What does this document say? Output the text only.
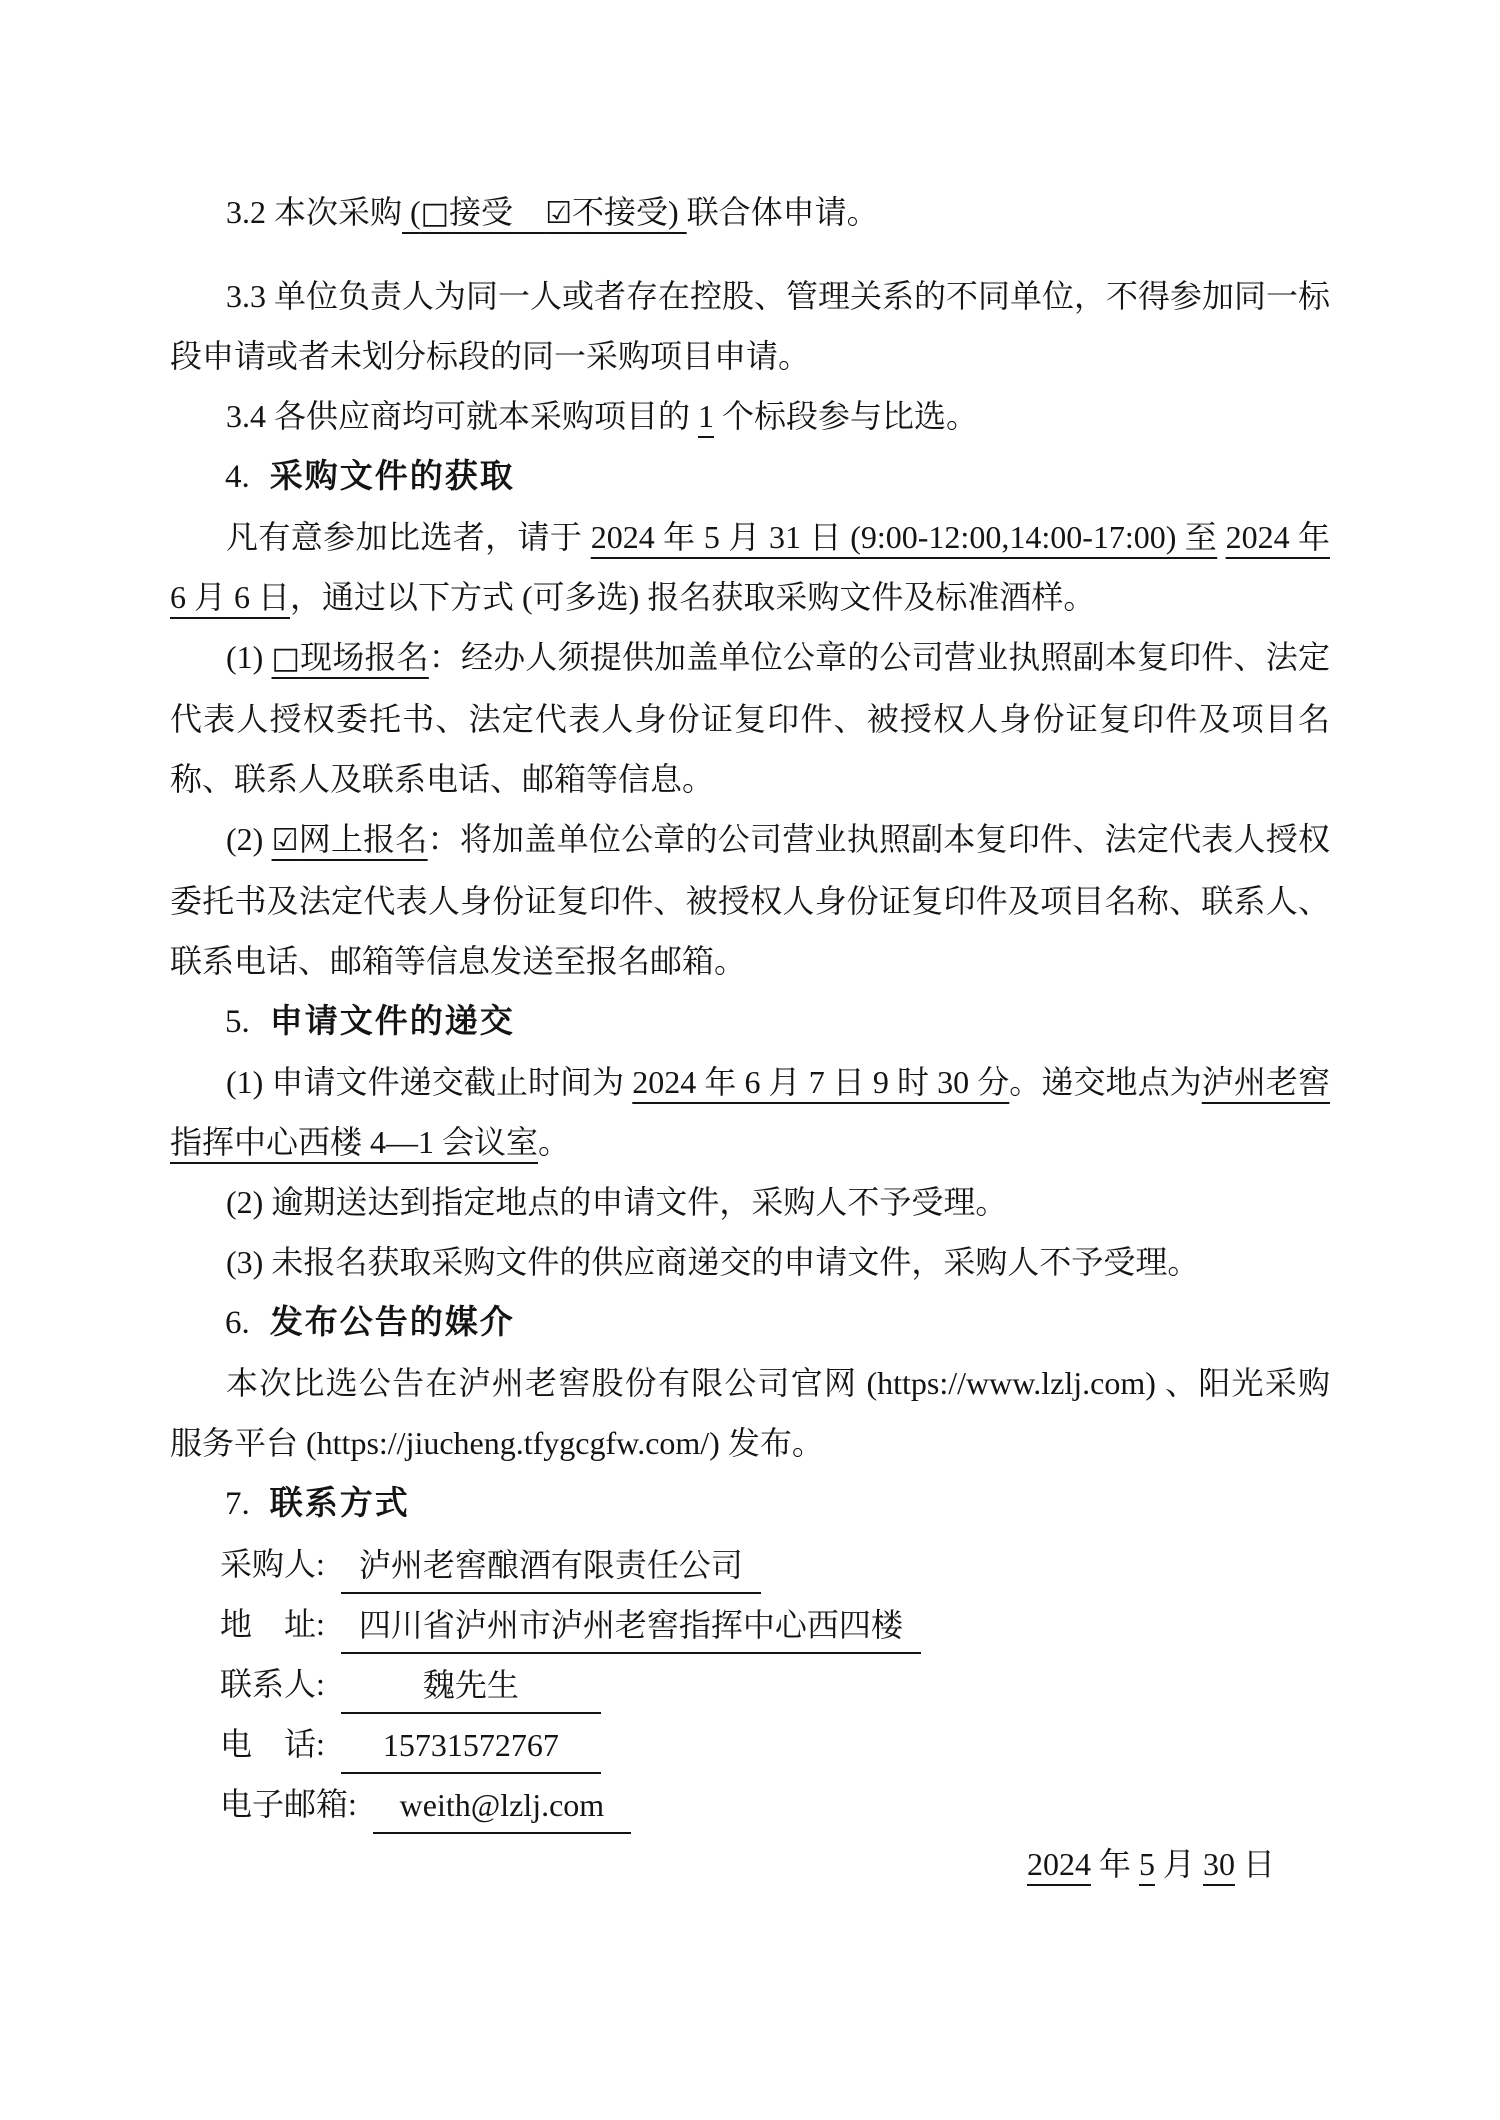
3.2 本次采购 (□接受　 ☑不接受) 联合体申请。

3.3 单位负责人为同一人或者存在控股、管理关系的不同单位，不得参加同一标段申请或者未划分标段的同一采购项目申请。

3.4 各供应商均可就本采购项目的 1 个标段参与比选。

4. 采购文件的获取

凡有意参加比选者，请于 2024 年 5 月 31 日 (9:00-12:00,14:00-17:00) 至 2024 年 6 月 6 日，通过以下方式 (可多选) 报名获取采购文件及标准酒样。

(1) □现场报名：经办人须提供加盖单位公章的公司营业执照副本复印件、法定代表人授权委托书、法定代表人身份证复印件、被授权人身份证复印件及项目名称、联系人及联系电话、邮箱等信息。

(2) ☑网上报名：将加盖单位公章的公司营业执照副本复印件、法定代表人授权委托书及法定代表人身份证复印件、被授权人身份证复印件及项目名称、联系人、联系电话、邮箱等信息发送至报名邮箱。

5. 申请文件的递交

(1) 申请文件递交截止时间为 2024 年 6 月 7 日 9 时 30 分。递交地点为泸州老窖指挥中心西楼 4—1 会议室。

(2) 逾期送达到指定地点的申请文件，采购人不予受理。

(3) 未报名获取采购文件的供应商递交的申请文件，采购人不予受理。

6. 发布公告的媒介

本次比选公告在泸州老窖股份有限公司官网 (https://www.lzlj.com) 、阳光采购服务平台 (https://jiucheng.tfygcgfw.com/) 发布。

7. 联系方式
采购人:	泸州老窖酿酒有限责任公司
地　址:	四川省泸州市泸州老窖指挥中心西四楼
联系人:	魏先生
电　话:	15731572767
电子邮箱:	weith@lzlj.com

2024 年 5 月 30 日
